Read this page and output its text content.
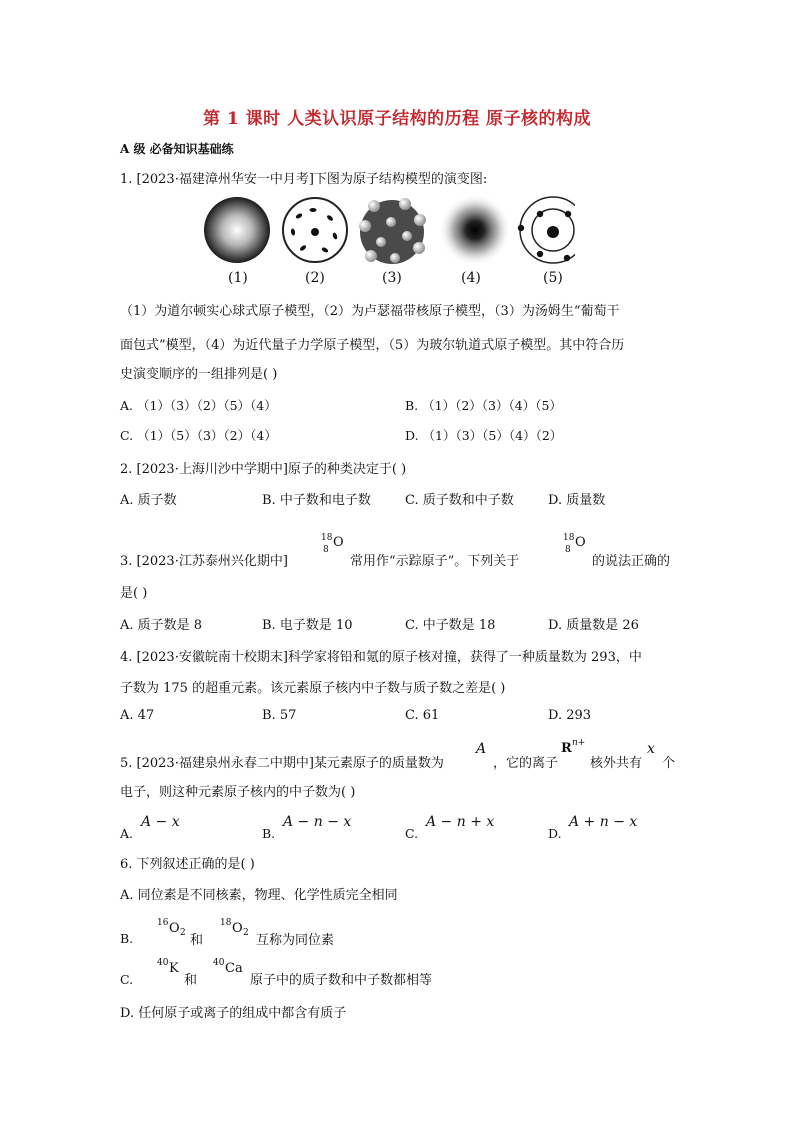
第 1 课时 人类认识原子结构的历程 原子核的构成
A 级 必备知识基础练
1. [2023·福建漳州华安一中月考]下图为原子结构模型的演变图:
(1)	(2)	(3)	(4)	(5)
（1）为道尔顿实心球式原子模型，（2）为卢瑟福带核原子模型，（3）为汤姆生“葡萄干
面包式”模型，（4）为近代量子力学原子模型，（5）为玻尔轨道式原子模型。其中符合历
史演变顺序的一组排列是( )
A. （1）（3）（2）（5）（4）	B. （1）（2）（3）（4）（5）
C. （1）（5）（3）（2）（4）	D. （1）（3）（5）（4）（2）
2. [2023·上海川沙中学期中]原子的种类决定于( )
A. 质子数	B. 中子数和电子数	C. 质子数和中子数	D. 质量数
3. [2023·江苏泰州兴化期中]
18
8 O
常用作“示踪原子”。下列关于
18
8 O
的说法正确的
是( )
A. 质子数是 8	B. 电子数是 10	C. 中子数是 18	D. 质量数是 26
4. [2023·安徽皖南十校期末]科学家将铅和氪的原子核对撞，获得了一种质量数为 293，中
子数为 175 的超重元素。该元素原子核内中子数与质子数之差是( )
A. 47	B. 57	C. 61	D. 293
5. [2023·福建泉州永春二中期中]某元素原子的质量数为
A
，它的离子
R n+
核外共有
x
个
电子，则这种元素原子核内的中子数为( )
A.
A − x
B.
A − n − x
C.
A − n + x
D.
A + n − x
6. 下列叙述正确的是( )
A. 同位素是不同核素，物理、化学性质完全相同
B.
16 O 2 和
18 O 2 互称为同位素
C.
40 K
和
40 Ca
原子中的质子数和中子数都相等
D. 任何原子或离子的组成中都含有质子
